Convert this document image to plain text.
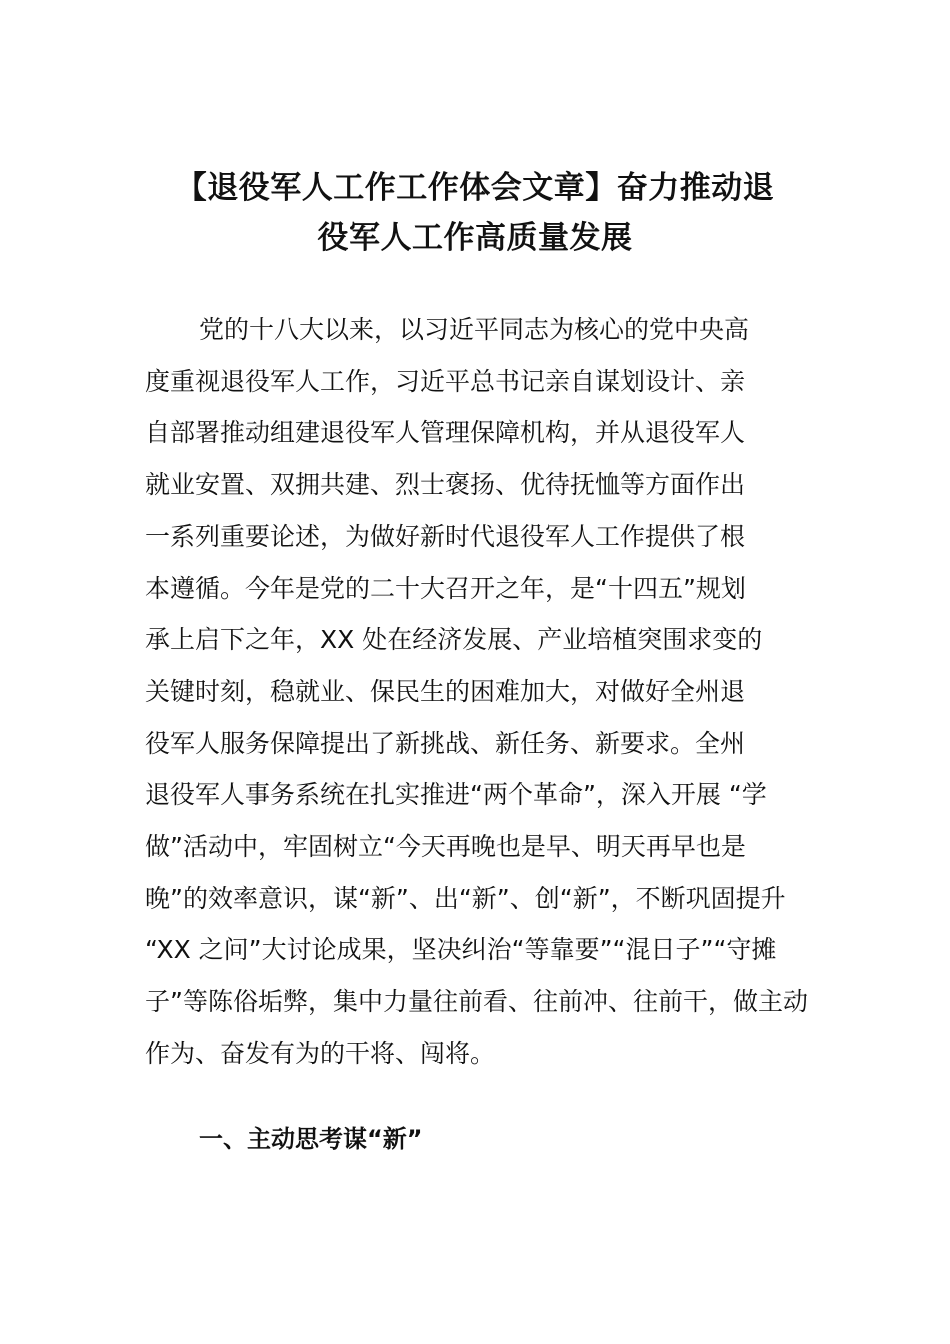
【退役军人工作工作体会文章】奋力推动退
役军人工作高质量发展

党的十八大以来，以习近平同志为核心的党中央高
度重视退役军人工作，习近平总书记亲自谋划设计、亲
自部署推动组建退役军人管理保障机构，并从退役军人
就业安置、双拥共建、烈士褒扬、优待抚恤等方面作出
一系列重要论述，为做好新时代退役军人工作提供了根
本遵循。今年是党的二十大召开之年，是“十四五”规划
承上启下之年，XX 处在经济发展、产业培植突围求变的
关键时刻，稳就业、保民生的困难加大，对做好全州退
役军人服务保障提出了新挑战、新任务、新要求。全州
退役军人事务系统在扎实推进“两个革命”，深入开展 “学
做”活动中，牢固树立“今天再晚也是早、明天再早也是
晚”的效率意识，谋“新”、出“新”、创“新”，不断巩固提升
“XX 之问”大讨论成果，坚决纠治“等靠要”“混日子”“守摊
子”等陈俗垢弊，集中力量往前看、往前冲、往前干，做主动
作为、奋发有为的干将、闯将。

一、主动思考谋“新”
